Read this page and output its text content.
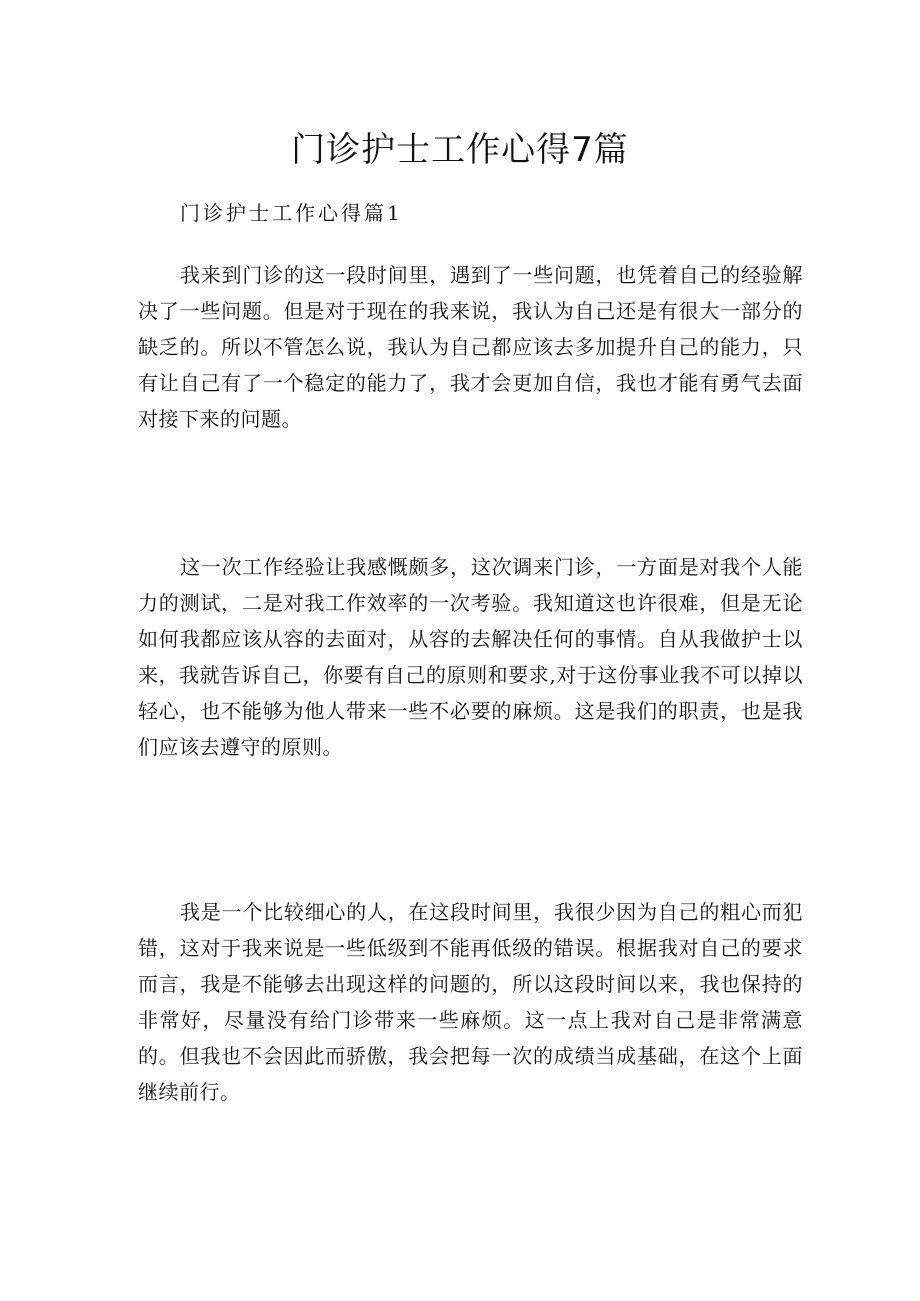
门诊护士工作心得7篇

门诊护士工作心得篇1

我来到门诊的这一段时间里，遇到了一些问题，也凭着自己的经验解决了一些问题。但是对于现在的我来说，我认为自己还是有很大一部分的缺乏的。所以不管怎么说，我认为自己都应该去多加提升自己的能力，只有让自己有了一个稳定的能力了，我才会更加自信，我也才能有勇气去面对接下来的问题。

这一次工作经验让我感慨颇多，这次调来门诊，一方面是对我个人能力的测试，二是对我工作效率的一次考验。我知道这也许很难，但是无论如何我都应该从容的去面对，从容的去解决任何的事情。自从我做护士以来，我就告诉自己，你要有自己的原则和要求,对于这份事业我不可以掉以轻心，也不能够为他人带来一些不必要的麻烦。这是我们的职责，也是我们应该去遵守的原则。

我是一个比较细心的人，在这段时间里，我很少因为自己的粗心而犯错，这对于我来说是一些低级到不能再低级的错误。根据我对自己的要求而言，我是不能够去出现这样的问题的，所以这段时间以来，我也保持的非常好，尽量没有给门诊带来一些麻烦。这一点上我对自己是非常满意的。但我也不会因此而骄傲，我会把每一次的成绩当成基础，在这个上面继续前行。
